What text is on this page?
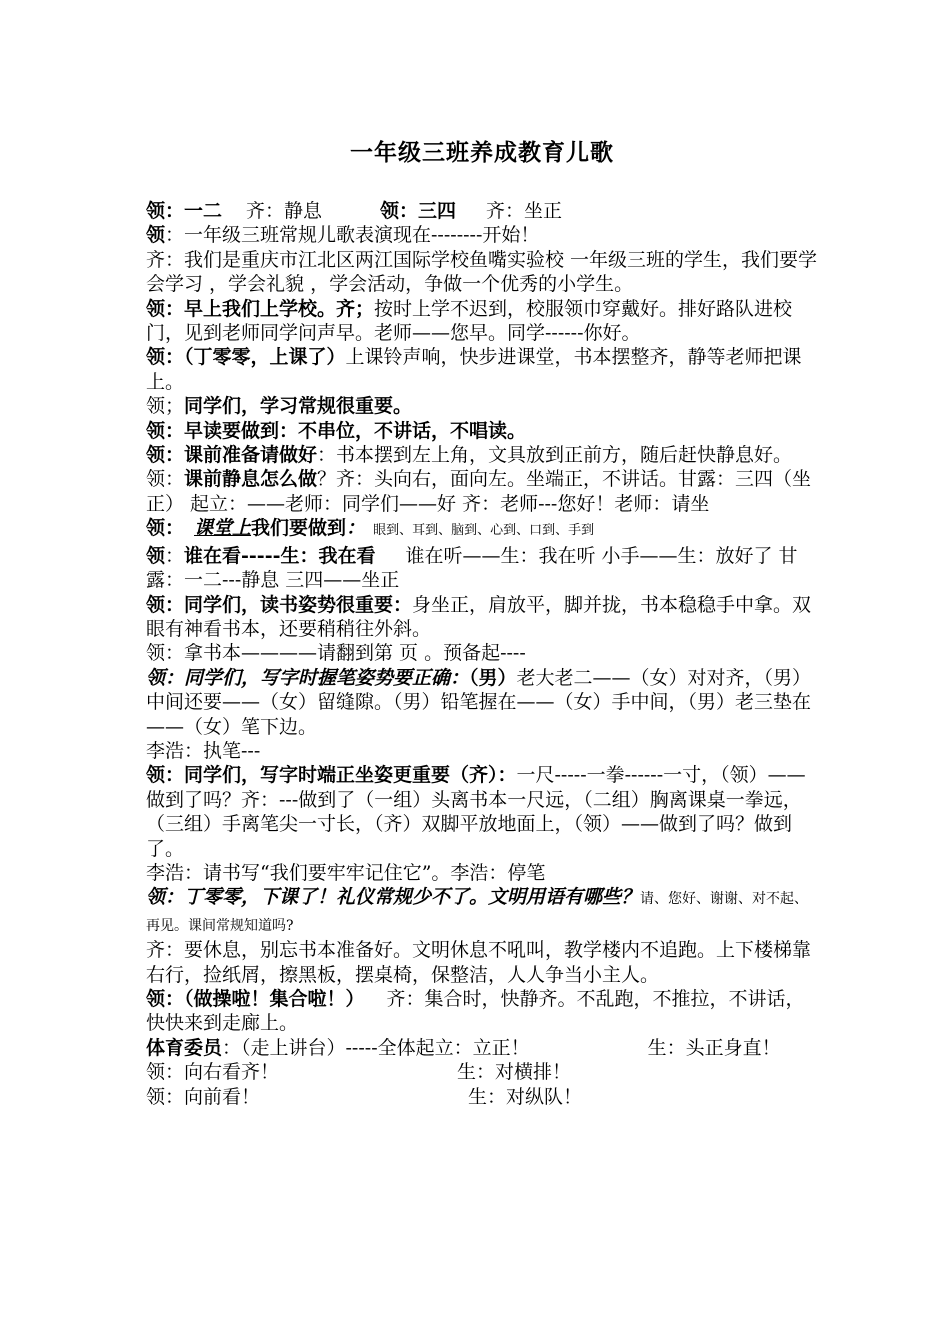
一年级三班养成教育儿歌

领：一二 齐：静息	领：三四 齐：坐正

领：一年级三班常规儿歌表演现在--------开始！

齐：我们是重庆市江北区两江国际学校鱼嘴实验校 一年级三班的学生，我们要学会学习 ，学会礼貌 ，学会活动，争做一个优秀的小学生。

领：早上我们上学校。齐；按时上学不迟到，校服领巾穿戴好。排好路队进校门，见到老师同学问声早。老师——您早。同学------你好。

领：（丁零零，上课了）上课铃声响，快步进课堂，书本摆整齐，静等老师把课上。

领；同学们，学习常规很重要。

领：早读要做到：不串位，不讲话，不唱读。

领：课前准备请做好：书本摆到左上角，文具放到正前方，随后赶快静息好。

领：课前静息怎么做？齐：头向右，面向左。坐端正，不讲话。甘露：三四（坐正） 起立：——老师：同学们——好 齐：老师---您好！老师：请坐

领： 课堂上我们要做到： 眼到、耳到、脑到、心到、口到、手到

领：谁在看-----生：我在看 谁在听——生：我在听 小手——生：放好了 甘露：一二---静息 三四——坐正

领：同学们，读书姿势很重要：身坐正，肩放平，脚并拢，书本稳稳手中拿。双眼有神看书本，还要稍稍往外斜。

领：拿书本————请翻到第 页 。预备起----

领：同学们，写字时握笔姿势要正确：（男）老大老二——（女）对对齐，（男）中间还要——（女）留缝隙。（男）铅笔握在——（女）手中间，（男）老三垫在——（女）笔下边。

李浩：执笔---

领：同学们，写字时端正坐姿更重要（齐）：一尺-----一拳------一寸，（领）——做到了吗？齐：---做到了（一组）头离书本一尺远，（二组）胸离课桌一拳远，（三组）手离笔尖一寸长，（齐）双脚平放地面上，（领）——做到了吗？做到了。

李浩：请书写“我们要牢牢记住它”。李浩：停笔

领：丁零零，下课了！礼仪常规少不了。文明用语有哪些？请、您好、谢谢、对不起、再见。课间常规知道吗?

齐：要休息，别忘书本准备好。文明休息不吼叫，教学楼内不追跑。上下楼梯靠右行，捡纸屑，擦黑板，摆桌椅，保整洁，人人争当小主人。

领：（做操啦！集合啦！） 齐：集合时，快静齐。不乱跑，不推拉，不讲话，快快来到走廊上。

体育委员：（走上讲台）-----全体起立：立正！	生：头正身直！

领：向右看齐！	生：对横排！

领：向前看！	生：对纵队！
